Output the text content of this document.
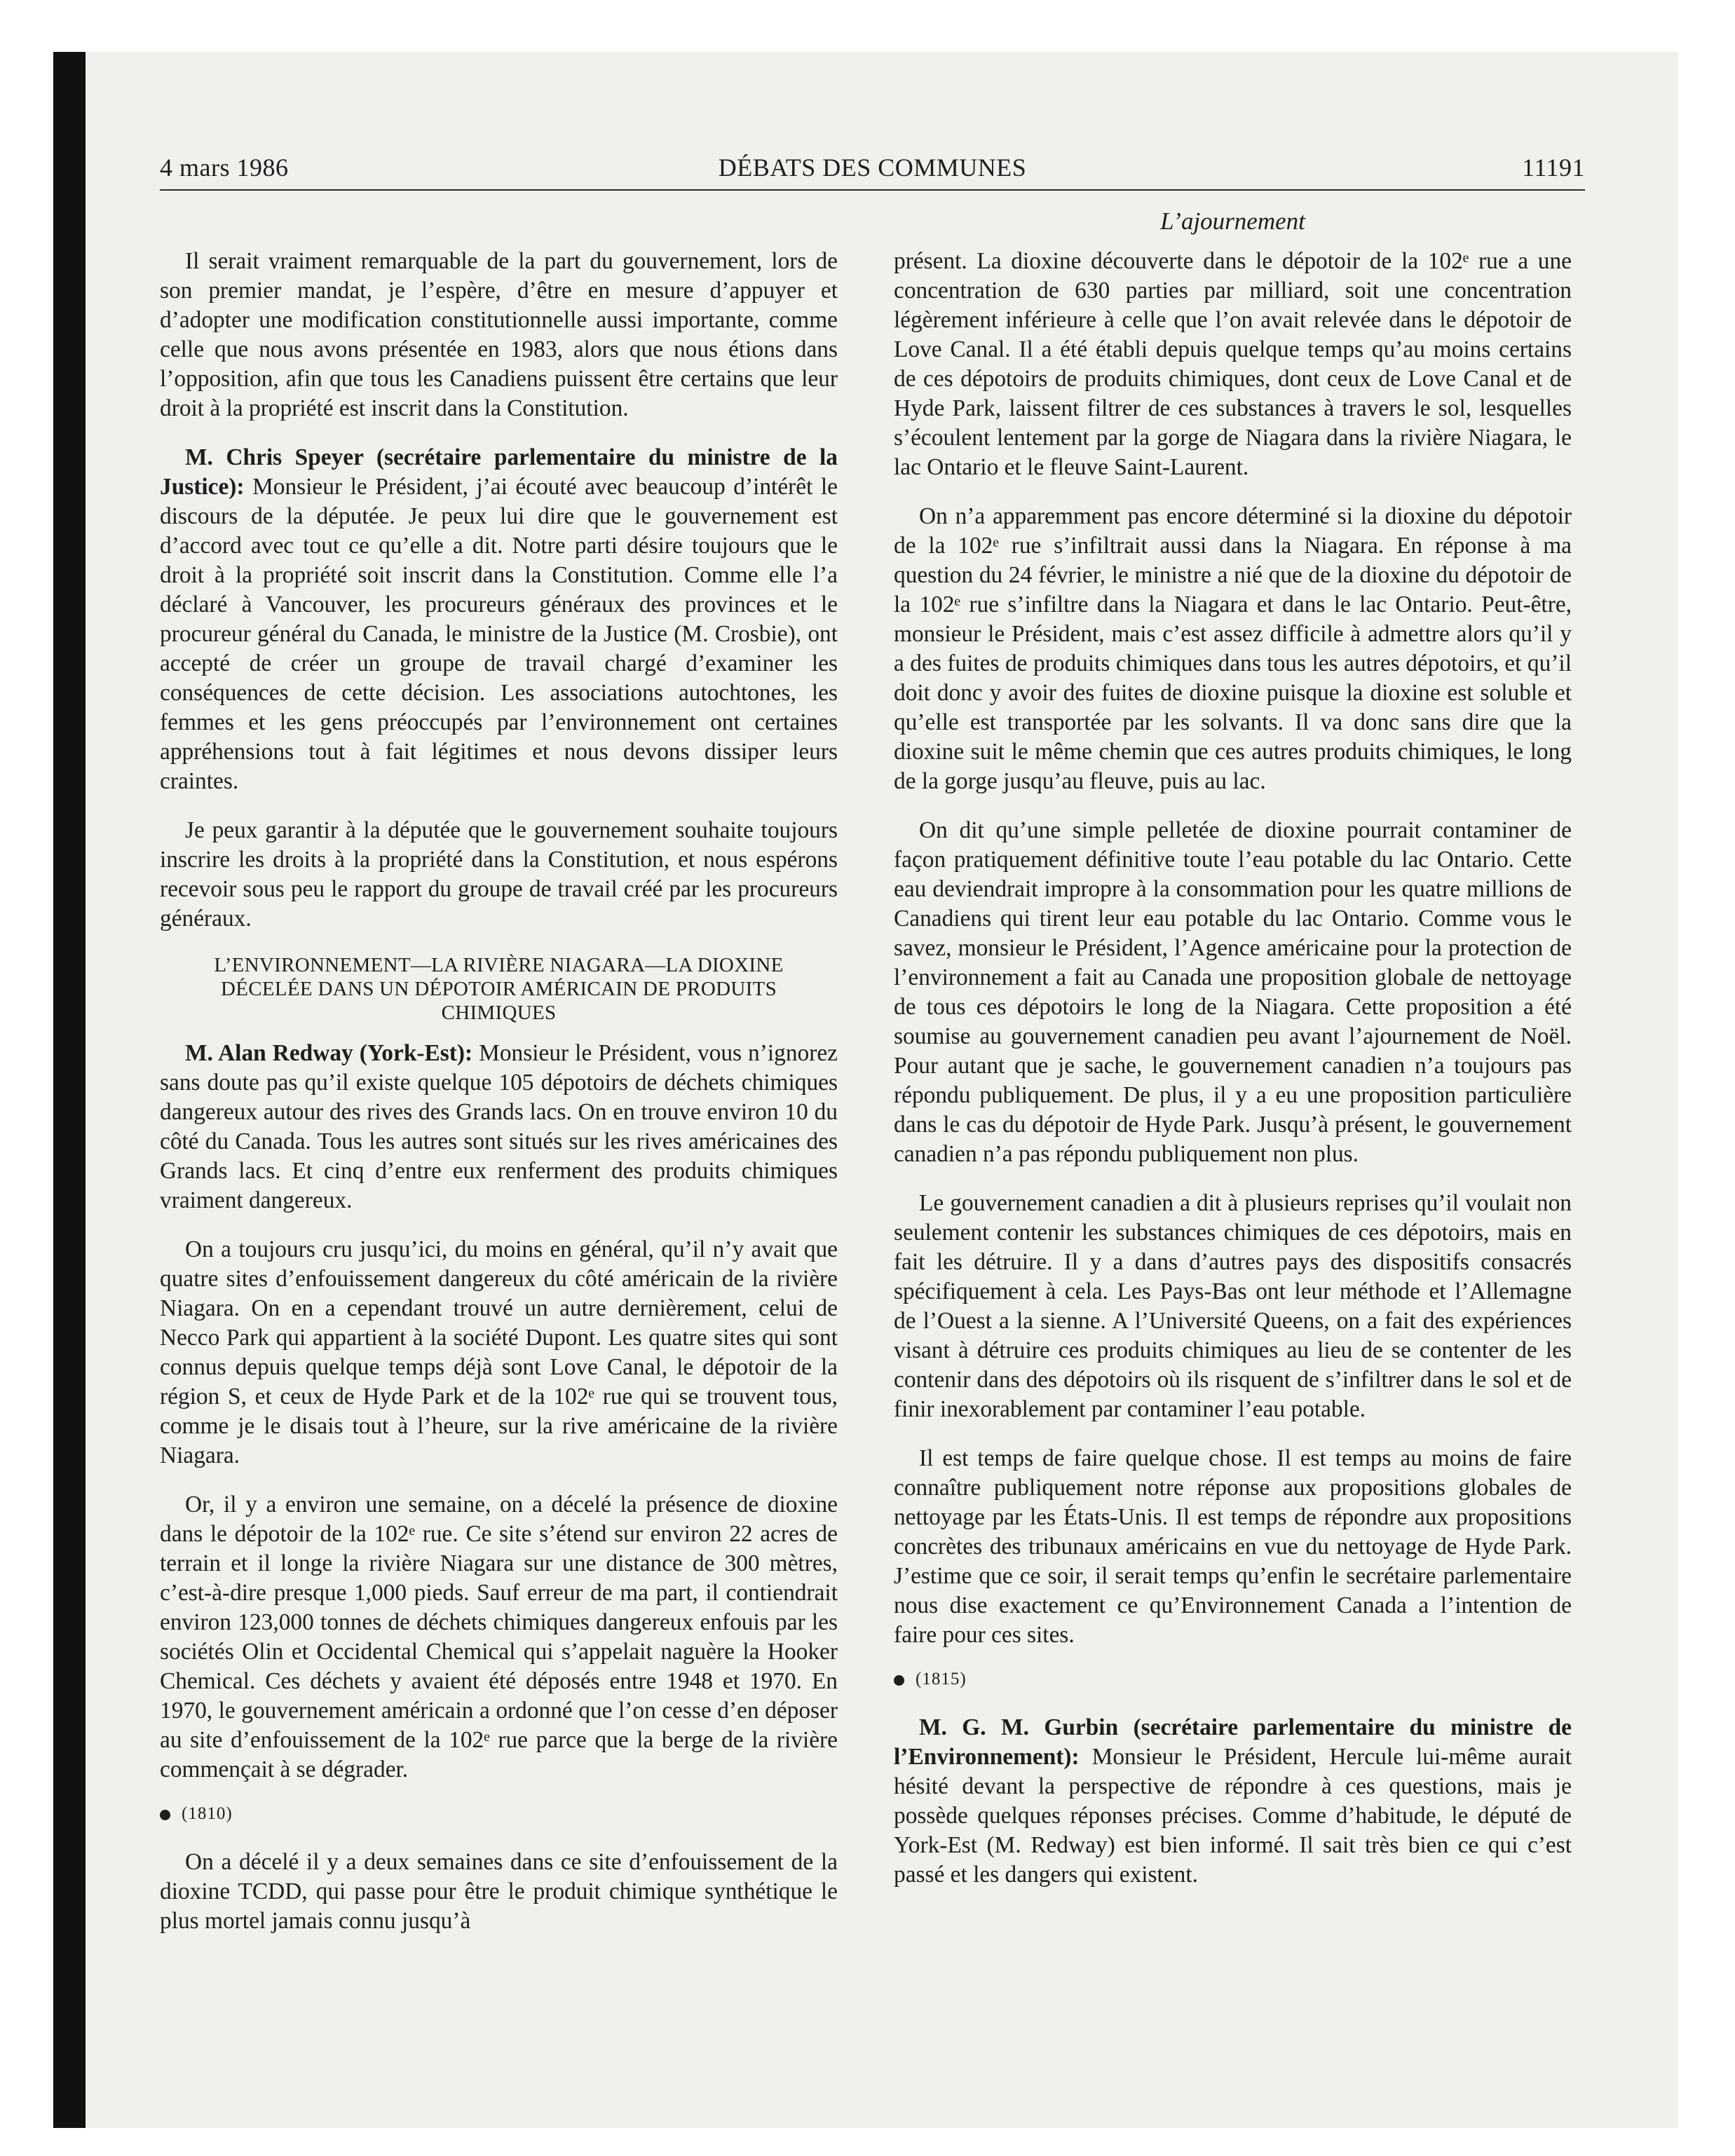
4 mars 1986	DÉBATS DES COMMUNES	11191

Il serait vraiment remarquable de la part du gouvernement, lors de son premier mandat, je l’espère, d’être en mesure d’appuyer et d’adopter une modification constitutionnelle aussi importante, comme celle que nous avons présentée en 1983, alors que nous étions dans l’opposition, afin que tous les Canadiens puissent être certains que leur droit à la propriété est inscrit dans la Constitution.

M. Chris Speyer (secrétaire parlementaire du ministre de la Justice): Monsieur le Président, j’ai écouté avec beaucoup d’intérêt le discours de la députée. Je peux lui dire que le gouvernement est d’accord avec tout ce qu’elle a dit. Notre parti désire toujours que le droit à la propriété soit inscrit dans la Constitution. Comme elle l’a déclaré à Vancouver, les procureurs généraux des provinces et le procureur général du Canada, le ministre de la Justice (M. Crosbie), ont accepté de créer un groupe de travail chargé d’examiner les conséquences de cette décision. Les associations autochtones, les femmes et les gens préoccupés par l’environnement ont certaines appréhensions tout à fait légitimes et nous devons dissiper leurs craintes.

Je peux garantir à la députée que le gouvernement souhaite toujours inscrire les droits à la propriété dans la Constitution, et nous espérons recevoir sous peu le rapport du groupe de travail créé par les procureurs généraux.

L’ENVIRONNEMENT—LA RIVIÈRE NIAGARA—LA DIOXINE DÉCELÉE DANS UN DÉPOTOIR AMÉRICAIN DE PRODUITS CHIMIQUES

M. Alan Redway (York-Est): Monsieur le Président, vous n’ignorez sans doute pas qu’il existe quelque 105 dépotoirs de déchets chimiques dangereux autour des rives des Grands lacs. On en trouve environ 10 du côté du Canada. Tous les autres sont situés sur les rives américaines des Grands lacs. Et cinq d’entre eux renferment des produits chimiques vraiment dangereux.

On a toujours cru jusqu’ici, du moins en général, qu’il n’y avait que quatre sites d’enfouissement dangereux du côté américain de la rivière Niagara. On en a cependant trouvé un autre dernièrement, celui de Necco Park qui appartient à la société Dupont. Les quatre sites qui sont connus depuis quelque temps déjà sont Love Canal, le dépotoir de la région S, et ceux de Hyde Park et de la 102ᵉ rue qui se trouvent tous, comme je le disais tout à l’heure, sur la rive américaine de la rivière Niagara.

Or, il y a environ une semaine, on a décelé la présence de dioxine dans le dépotoir de la 102ᵉ rue. Ce site s’étend sur environ 22 acres de terrain et il longe la rivière Niagara sur une distance de 300 mètres, c’est-à-dire presque 1,000 pieds. Sauf erreur de ma part, il contiendrait environ 123,000 tonnes de déchets chimiques dangereux enfouis par les sociétés Olin et Occidental Chemical qui s’appelait naguère la Hooker Chemical. Ces déchets y avaient été déposés entre 1948 et 1970. En 1970, le gouvernement américain a ordonné que l’on cesse d’en déposer au site d’enfouissement de la 102ᵉ rue parce que la berge de la rivière commençait à se dégrader.

(1810)

On a décelé il y a deux semaines dans ce site d’enfouissement de la dioxine TCDD, qui passe pour être le produit chimique synthétique le plus mortel jamais connu jusqu’à

L’ajournement

présent. La dioxine découverte dans le dépotoir de la 102ᵉ rue a une concentration de 630 parties par milliard, soit une concentration légèrement inférieure à celle que l’on avait relevée dans le dépotoir de Love Canal. Il a été établi depuis quelque temps qu’au moins certains de ces dépotoirs de produits chimiques, dont ceux de Love Canal et de Hyde Park, laissent filtrer de ces substances à travers le sol, lesquelles s’écoulent lentement par la gorge de Niagara dans la rivière Niagara, le lac Ontario et le fleuve Saint-Laurent.

On n’a apparemment pas encore déterminé si la dioxine du dépotoir de la 102ᵉ rue s’infiltrait aussi dans la Niagara. En réponse à ma question du 24 février, le ministre a nié que de la dioxine du dépotoir de la 102ᵉ rue s’infiltre dans la Niagara et dans le lac Ontario. Peut-être, monsieur le Président, mais c’est assez difficile à admettre alors qu’il y a des fuites de produits chimiques dans tous les autres dépotoirs, et qu’il doit donc y avoir des fuites de dioxine puisque la dioxine est soluble et qu’elle est transportée par les solvants. Il va donc sans dire que la dioxine suit le même chemin que ces autres produits chimiques, le long de la gorge jusqu’au fleuve, puis au lac.

On dit qu’une simple pelletée de dioxine pourrait contaminer de façon pratiquement définitive toute l’eau potable du lac Ontario. Cette eau deviendrait impropre à la consommation pour les quatre millions de Canadiens qui tirent leur eau potable du lac Ontario. Comme vous le savez, monsieur le Président, l’Agence américaine pour la protection de l’environnement a fait au Canada une proposition globale de nettoyage de tous ces dépotoirs le long de la Niagara. Cette proposition a été soumise au gouvernement canadien peu avant l’ajournement de Noël. Pour autant que je sache, le gouvernement canadien n’a toujours pas répondu publiquement. De plus, il y a eu une proposition particulière dans le cas du dépotoir de Hyde Park. Jusqu’à présent, le gouvernement canadien n’a pas répondu publiquement non plus.

Le gouvernement canadien a dit à plusieurs reprises qu’il voulait non seulement contenir les substances chimiques de ces dépotoirs, mais en fait les détruire. Il y a dans d’autres pays des dispositifs consacrés spécifiquement à cela. Les Pays-Bas ont leur méthode et l’Allemagne de l’Ouest a la sienne. A l’Université Queens, on a fait des expériences visant à détruire ces produits chimiques au lieu de se contenter de les contenir dans des dépotoirs où ils risquent de s’infiltrer dans le sol et de finir inexorablement par contaminer l’eau potable.

Il est temps de faire quelque chose. Il est temps au moins de faire connaître publiquement notre réponse aux propositions globales de nettoyage par les États-Unis. Il est temps de répondre aux propositions concrètes des tribunaux américains en vue du nettoyage de Hyde Park. J’estime que ce soir, il serait temps qu’enfin le secrétaire parlementaire nous dise exactement ce qu’Environnement Canada a l’intention de faire pour ces sites.

(1815)

M. G. M. Gurbin (secrétaire parlementaire du ministre de l’Environnement): Monsieur le Président, Hercule lui-même aurait hésité devant la perspective de répondre à ces questions, mais je possède quelques réponses précises. Comme d’habitude, le député de York-Est (M. Redway) est bien informé. Il sait très bien ce qui c’est passé et les dangers qui existent.
